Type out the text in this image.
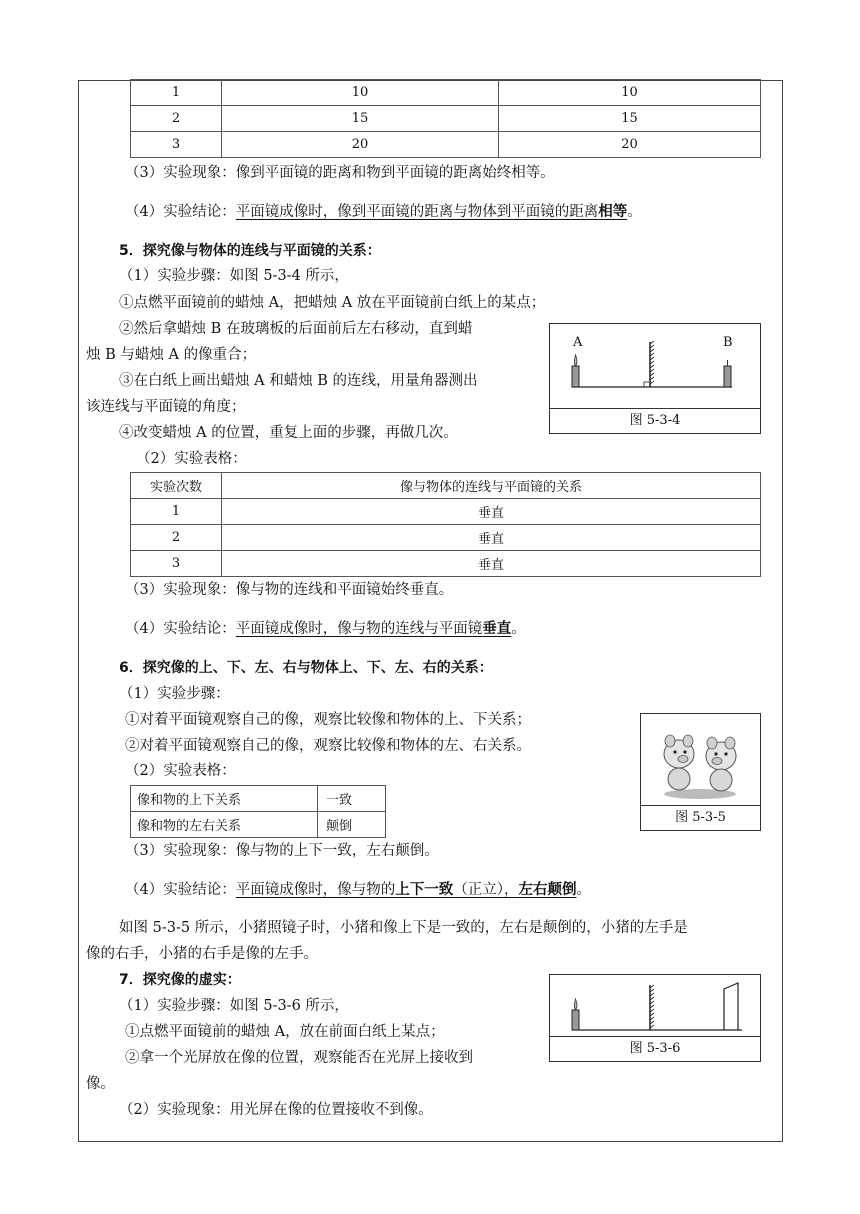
1	10	10
2	15	15
3	20	20
（3）实验现象：像到平面镜的距离和物到平面镜的距离始终相等。
（4）实验结论：平面镜成像时，像到平面镜的距离与物体到平面镜的距离相等。
5．探究像与物体的连线与平面镜的关系：
（1）实验步骤：如图 5-3-4 所示，
①点燃平面镜前的蜡烛 A，把蜡烛 A 放在平面镜前白纸上的某点；
②然后拿蜡烛 B 在玻璃板的后面前后左右移动，直到蜡
烛 B 与蜡烛 A 的像重合；
③在白纸上画出蜡烛 A 和蜡烛 B 的连线，用量角器测出
该连线与平面镜的角度；
④改变蜡烛 A 的位置，重复上面的步骤，再做几次。
A	B
图 5-3-4
（2）实验表格：
实验次数	像与物体的连线与平面镜的关系
1	垂直
2	垂直
3	垂直
（3）实验现象：像与物的连线和平面镜始终垂直。
（4）实验结论：平面镜成像时，像与物的连线与平面镜垂直。
6．探究像的上、下、左、右与物体上、下、左、右的关系：
（1）实验步骤：
①对着平面镜观察自己的像，观察比较像和物体的上、下关系；
②对着平面镜观察自己的像，观察比较像和物体的左、右关系。
（2）实验表格：
像和物的上下关系	一致
像和物的左右关系	颠倒
图 5-3-5
（3）实验现象：像与物的上下一致，左右颠倒。
（4）实验结论：平面镜成像时，像与物的上下一致（正立），左右颠倒。
如图 5-3-5 所示，小猪照镜子时，小猪和像上下是一致的，左右是颠倒的，小猪的左手是
像的右手，小猪的右手是像的左手。
7．探究像的虚实：
（1）实验步骤：如图 5-3-6 所示，
①点燃平面镜前的蜡烛 A，放在前面白纸上某点；
②拿一个光屏放在像的位置，观察能否在光屏上接收到
像。
（2）实验现象：用光屏在像的位置接收不到像。
图 5-3-6
